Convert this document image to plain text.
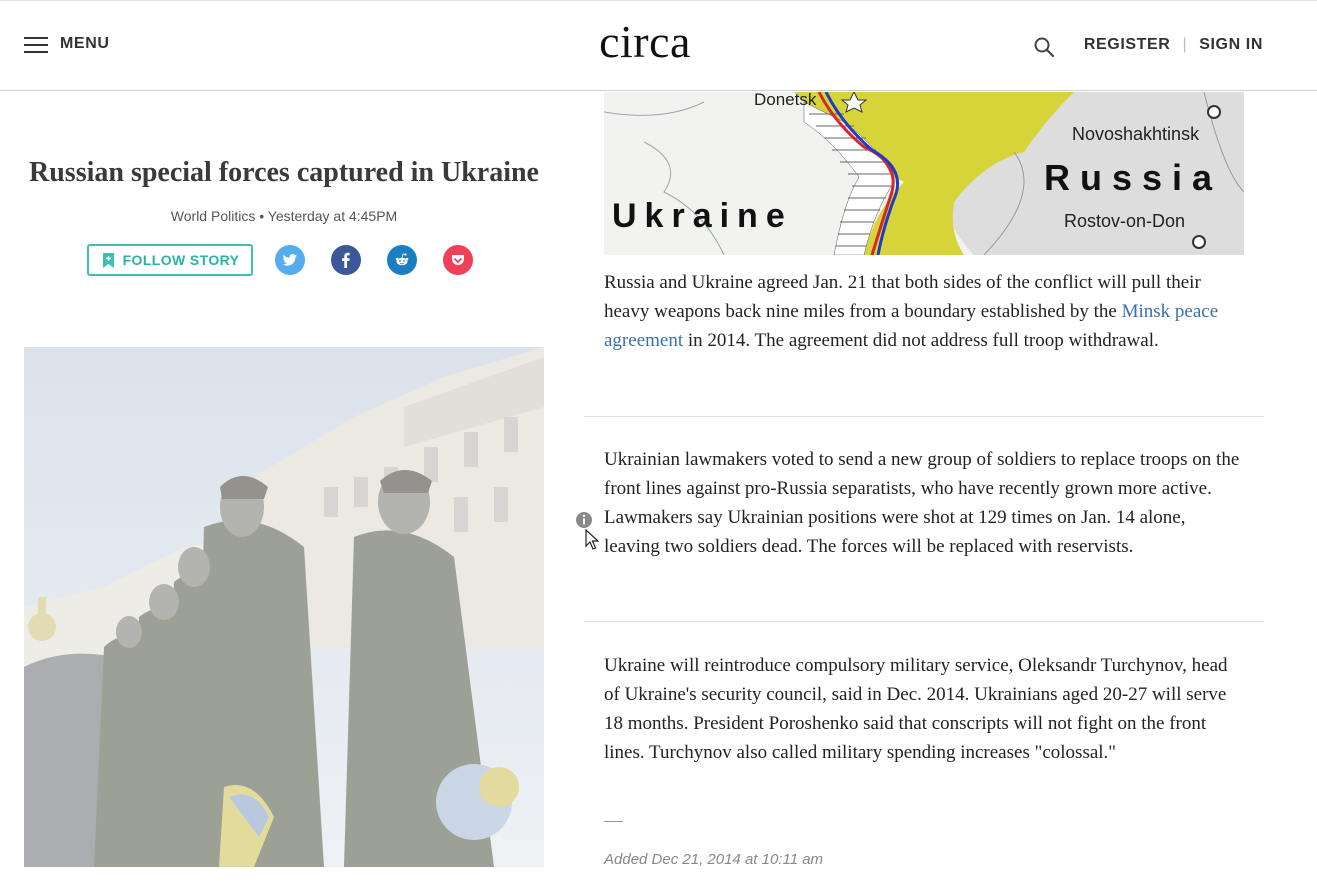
MENU	circa	REGISTER | SIGN IN
Russian special forces captured in Ukraine
World Politics • Yesterday at 4:45PM
FOLLOW STORY
Donetsk
Novoshakhtinsk
Russia
Ukraine	Rostov-on-Don

Russia and Ukraine agreed Jan. 21 that both sides of the conflict will pull their heavy weapons back nine miles from a boundary established by the Minsk peace agreement in 2014. The agreement did not address full troop withdrawal.

Ukrainian lawmakers voted to send a new group of soldiers to replace troops on the front lines against pro-Russia separatists, who have recently grown more active. Lawmakers say Ukrainian positions were shot at 129 times on Jan. 14 alone, leaving two soldiers dead. The forces will be replaced with reservists.

Ukraine will reintroduce compulsory military service, Oleksandr Turchynov, head of Ukraine's security council, said in Dec. 2014. Ukrainians aged 20-27 will serve 18 months. President Poroshenko said that conscripts will not fight on the front lines. Turchynov also called military spending increases "colossal."

Added Dec 21, 2014 at 10:11 am
